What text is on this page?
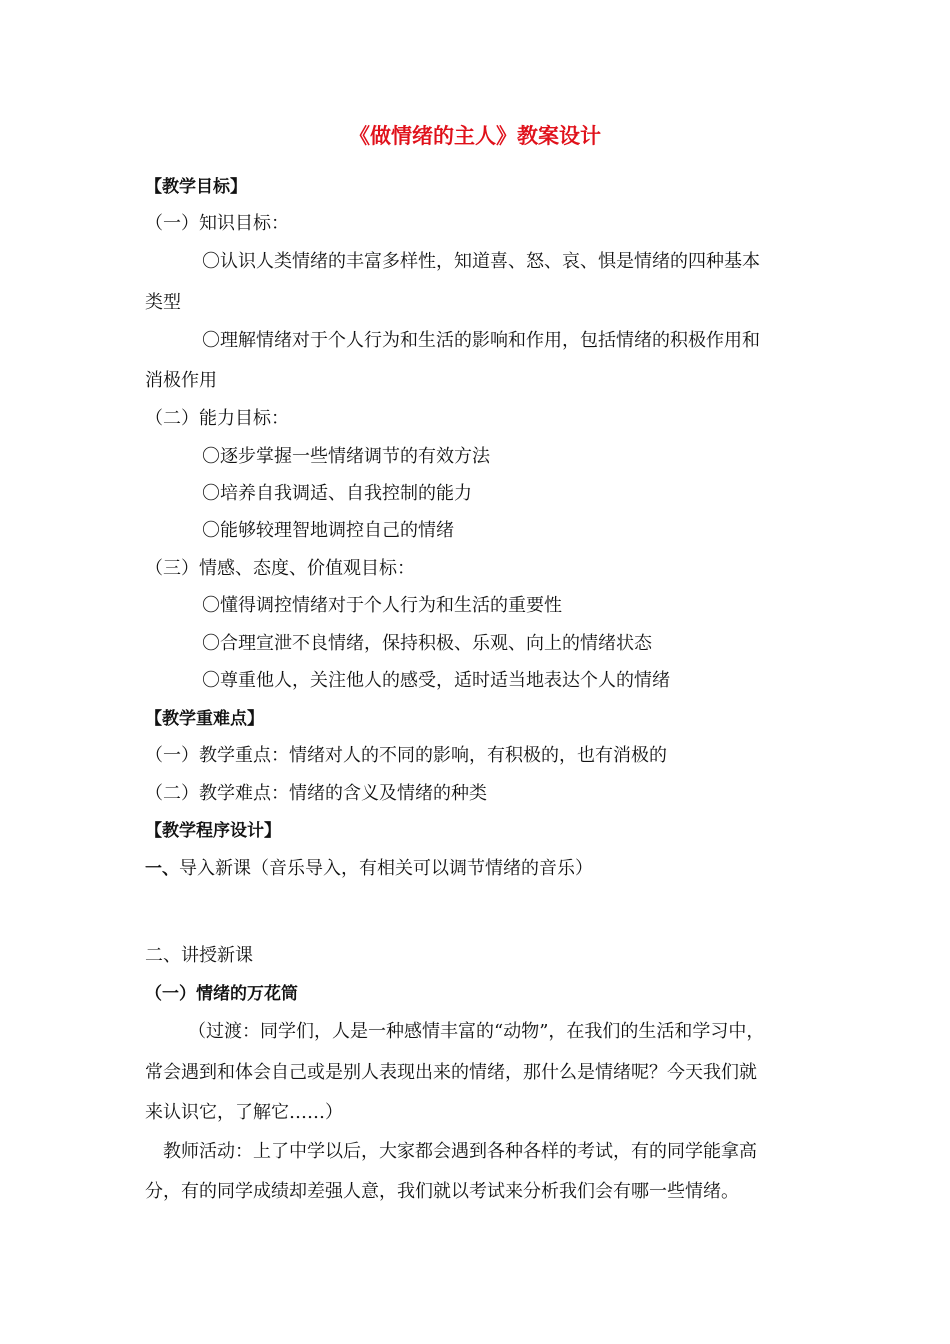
《做情绪的主人》教案设计
【教学目标】
（一）知识目标：
〇认识人类情绪的丰富多样性，知道喜、怒、哀、惧是情绪的四种基本
类型
〇理解情绪对于个人行为和生活的影响和作用，包括情绪的积极作用和
消极作用
（二）能力目标：
〇逐步掌握一些情绪调节的有效方法
〇培养自我调适、自我控制的能力
〇能够较理智地调控自己的情绪
（三）情感、态度、价值观目标：
〇懂得调控情绪对于个人行为和生活的重要性
〇合理宣泄不良情绪，保持积极、乐观、向上的情绪状态
〇尊重他人，关注他人的感受，适时适当地表达个人的情绪
【教学重难点】
（一）教学重点：情绪对人的不同的影响，有积极的，也有消极的
（二）教学难点：情绪的含义及情绪的种类
【教学程序设计】
一、导入新课（音乐导入，有相关可以调节情绪的音乐）
二、讲授新课
（一）情绪的万花筒
（过渡：同学们，人是一种感情丰富的“动物”，在我们的生活和学习中，
常会遇到和体会自己或是别人表现出来的情绪，那什么是情绪呢？今天我们就
来认识它，了解它……）
教师活动：上了中学以后，大家都会遇到各种各样的考试，有的同学能拿高
分，有的同学成绩却差强人意，我们就以考试来分析我们会有哪一些情绪。
